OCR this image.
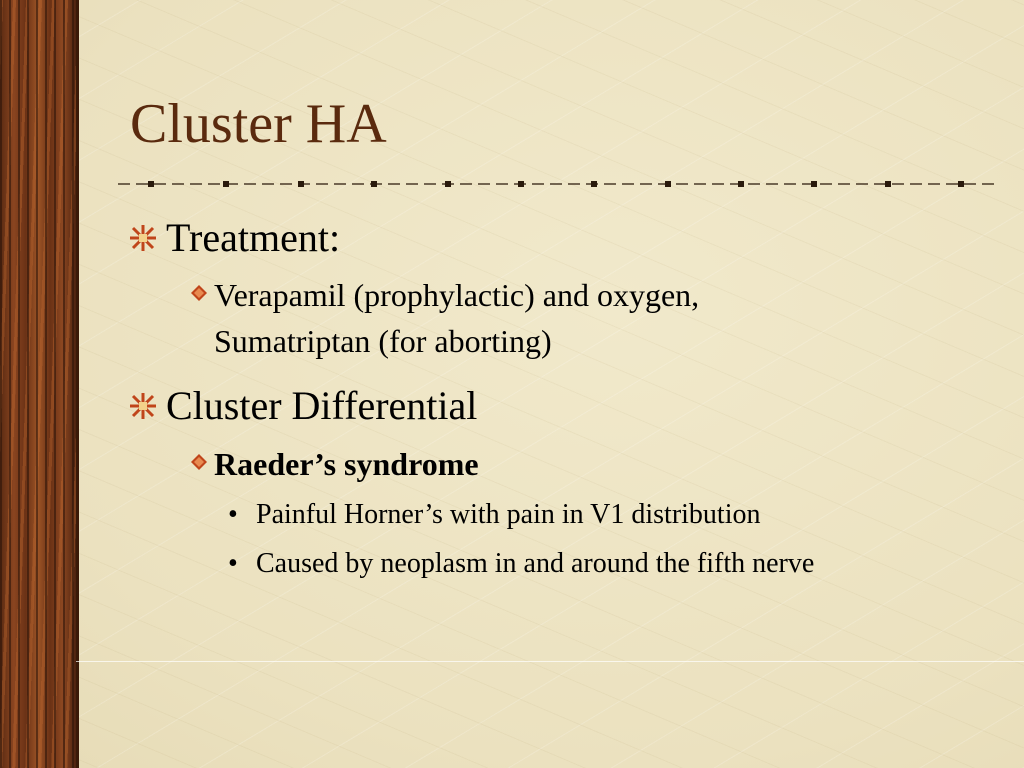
Cluster HA
Treatment:
Verapamil (prophylactic) and oxygen,
Sumatriptan (for aborting)
Cluster Differential
Raeder’s syndrome
• Painful Horner’s with pain in V1 distribution
• Caused by neoplasm in and around the fifth nerve
